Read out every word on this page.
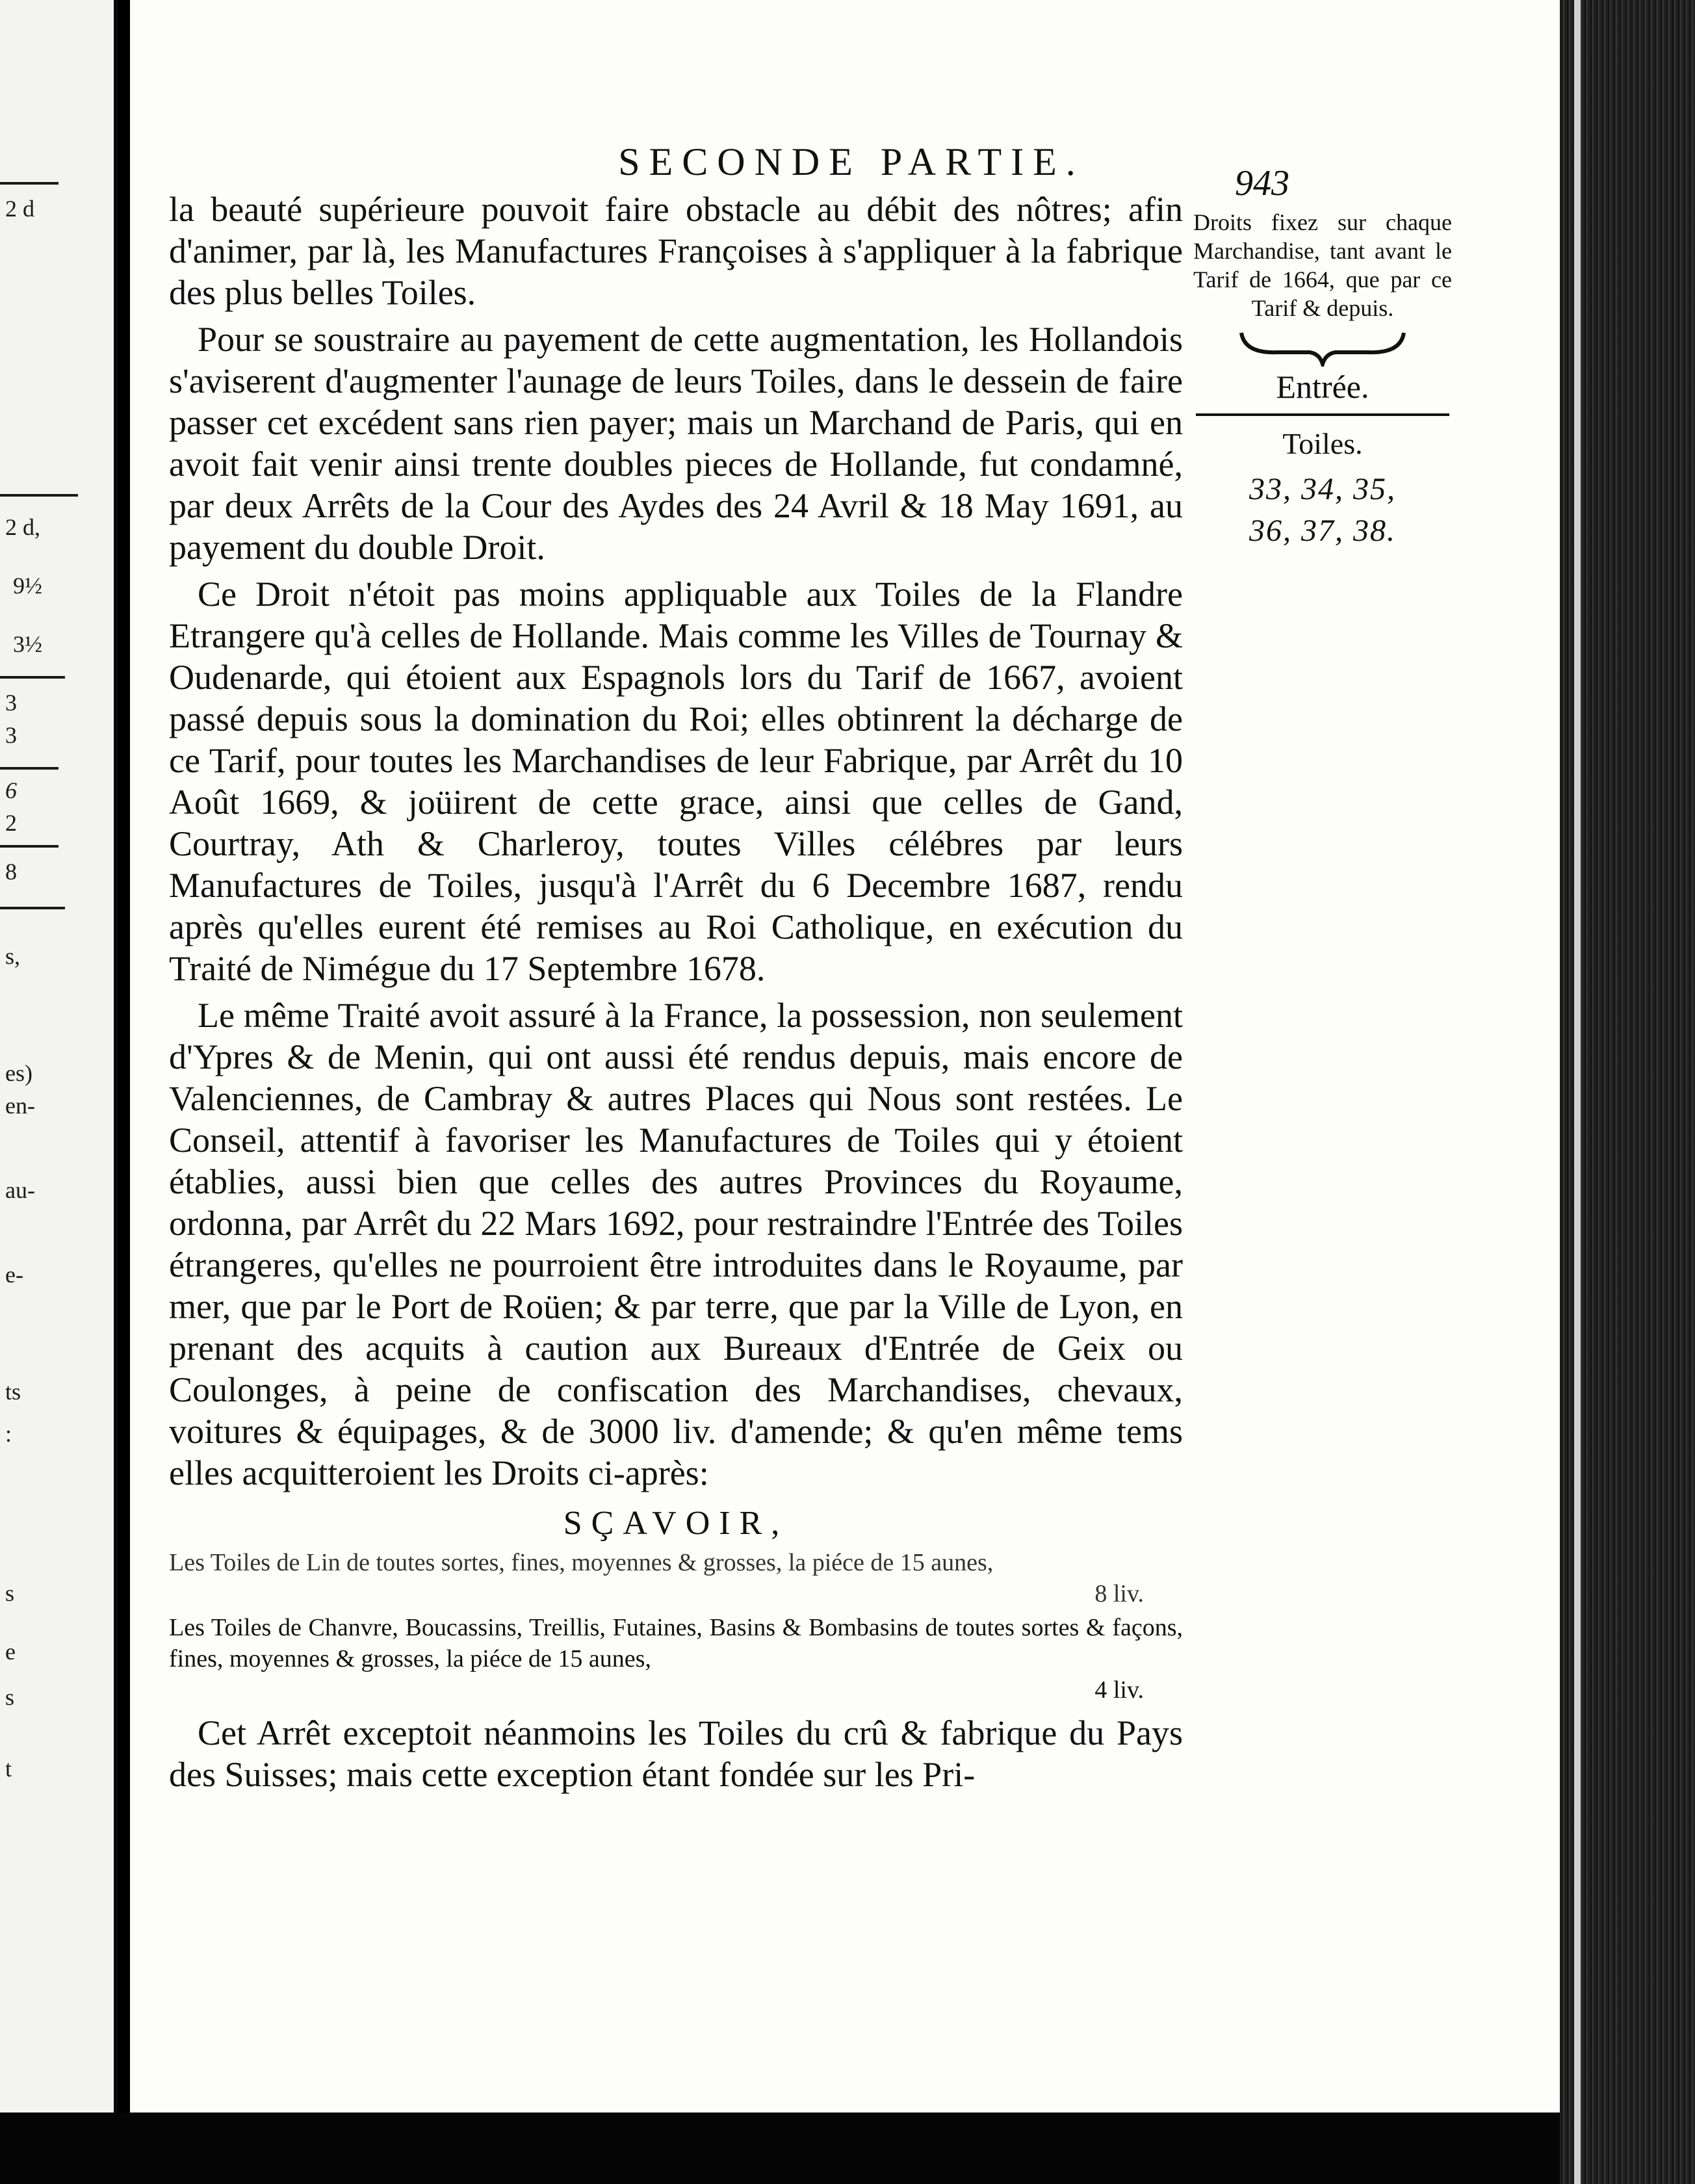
2 d
2 d,
9½
3½
3
3
6
2
8
s,
es)
en-
au-
e-
ts
:
s
e
s
t
SECONDE PARTIE.	943

la beauté supérieure pouvoit faire obstacle au débit des nôtres; afin d'animer, par là, les Manufactures Françoises à s'appliquer à la fabrique des plus belles Toiles.

Pour se soustraire au payement de cette augmentation, les Hollandois s'aviserent d'augmenter l'aunage de leurs Toiles, dans le dessein de faire passer cet excédent sans rien payer; mais un Marchand de Paris, qui en avoit fait venir ainsi trente doubles pieces de Hollande, fut condamné, par deux Arrêts de la Cour des Aydes des 24 Avril & 18 May 1691, au payement du double Droit.

Ce Droit n'étoit pas moins appliquable aux Toiles de la Flandre Etrangere qu'à celles de Hollande. Mais comme les Villes de Tournay & Oudenarde, qui étoient aux Espagnols lors du Tarif de 1667, avoient passé depuis sous la domination du Roi; elles obtinrent la décharge de ce Tarif, pour toutes les Marchandises de leur Fabrique, par Arrêt du 10 Août 1669, & joüirent de cette grace, ainsi que celles de Gand, Courtray, Ath & Charleroy, toutes Villes célébres par leurs Manufactures de Toiles, jusqu'à l'Arrêt du 6 Decembre 1687, rendu après qu'elles eurent été remises au Roi Catholique, en exécution du Traité de Nimégue du 17 Septembre 1678.

Le même Traité avoit assuré à la France, la possession, non seulement d'Ypres & de Menin, qui ont aussi été rendus depuis, mais encore de Valenciennes, de Cambray & autres Places qui Nous sont restées. Le Conseil, attentif à favoriser les Manufactures de Toiles qui y étoient établies, aussi bien que celles des autres Provinces du Royaume, ordonna, par Arrêt du 22 Mars 1692, pour restraindre l'Entrée des Toiles étrangeres, qu'elles ne pourroient être introduites dans le Royaume, par mer, que par le Port de Roüen; & par terre, que par la Ville de Lyon, en prenant des acquits à caution aux Bureaux d'Entrée de Geix ou Coulonges, à peine de confiscation des Marchandises, chevaux, voitures & équipages, & de 3000 liv. d'amende; & qu'en même tems elles acquitteroient les Droits ci-après:

SÇAVOIR,
Les Toiles de Lin de toutes sortes, fines, moyennes & grosses, la piéce de 15 aunes,
8 liv.
Les Toiles de Chanvre, Boucassins, Treillis, Futaines, Basins & Bombasins de toutes sortes & façons, fines, moyennes & grosses, la piéce de 15 aunes,
4 liv.

Cet Arrêt exceptoit néanmoins les Toiles du crû & fabrique du Pays des Suisses; mais cette exception étant fondée sur les Pri-

Droits fixez sur chaque Marchandise, tant avant le Tarif de 1664, que par ce Tarif & depuis.
Entrée.
Toiles.
33, 34, 35,
36, 37, 38.
